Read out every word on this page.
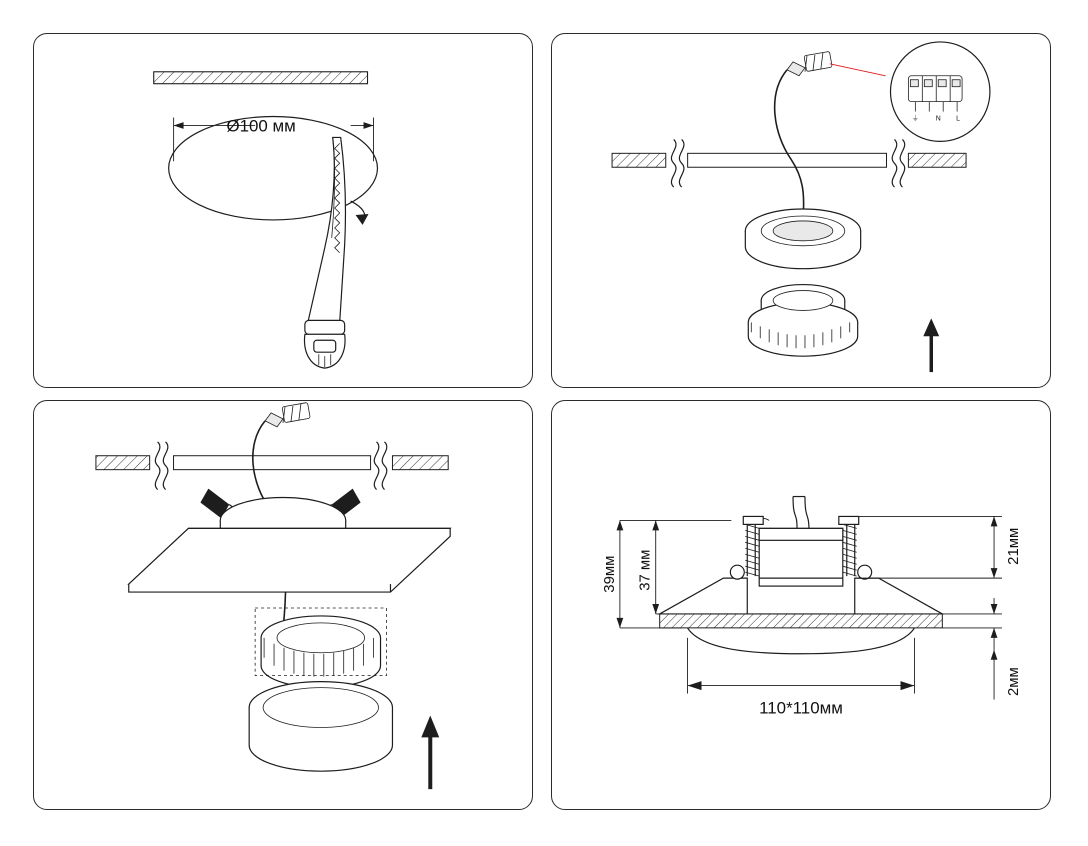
Ø100 мм	⏚ N L
39мм 37 мм
21мм
2мм
110*110мм
